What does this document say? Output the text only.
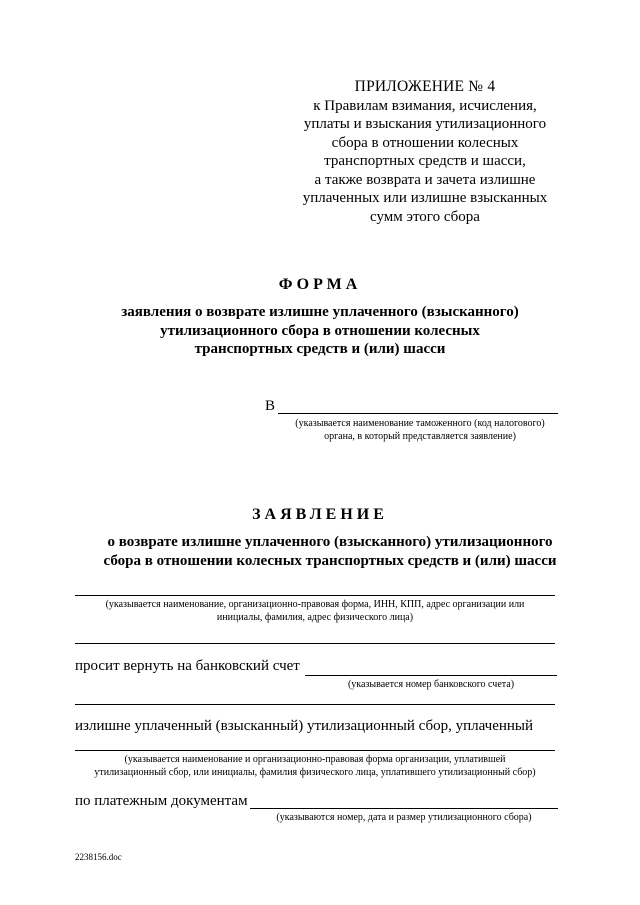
ПРИЛОЖЕНИЕ № 4
к Правилам взимания, исчисления,
уплаты и взыскания утилизационного
сбора в отношении колесных
транспортных средств и шасси,
а также возврата и зачета излишне
уплаченных или излишне взысканных
сумм этого сбора
ФОРМА
заявления о возврате излишне уплаченного (взысканного)
утилизационного сбора в отношении колесных
транспортных средств и (или) шасси
В
(указывается наименование таможенного (код налогового)
органа, в который представляется заявление)
ЗАЯВЛЕНИЕ
о возврате излишне уплаченного (взысканного) утилизационного
сбора в отношении колесных транспортных средств и (или) шасси
(указывается наименование, организационно-правовая форма, ИНН, КПП, адрес организации или
инициалы, фамилия, адрес физического лица)
просит вернуть на банковский счет
(указывается номер банковского счета)
излишне уплаченный (взысканный) утилизационный сбор, уплаченный
(указывается наименование и организационно-правовая форма организации, уплатившей
утилизационный сбор, или инициалы, фамилия физического лица, уплатившего утилизационный сбор)
по платежным документам
(указываются номер, дата и размер утилизационного сбора)
2238156.doc
